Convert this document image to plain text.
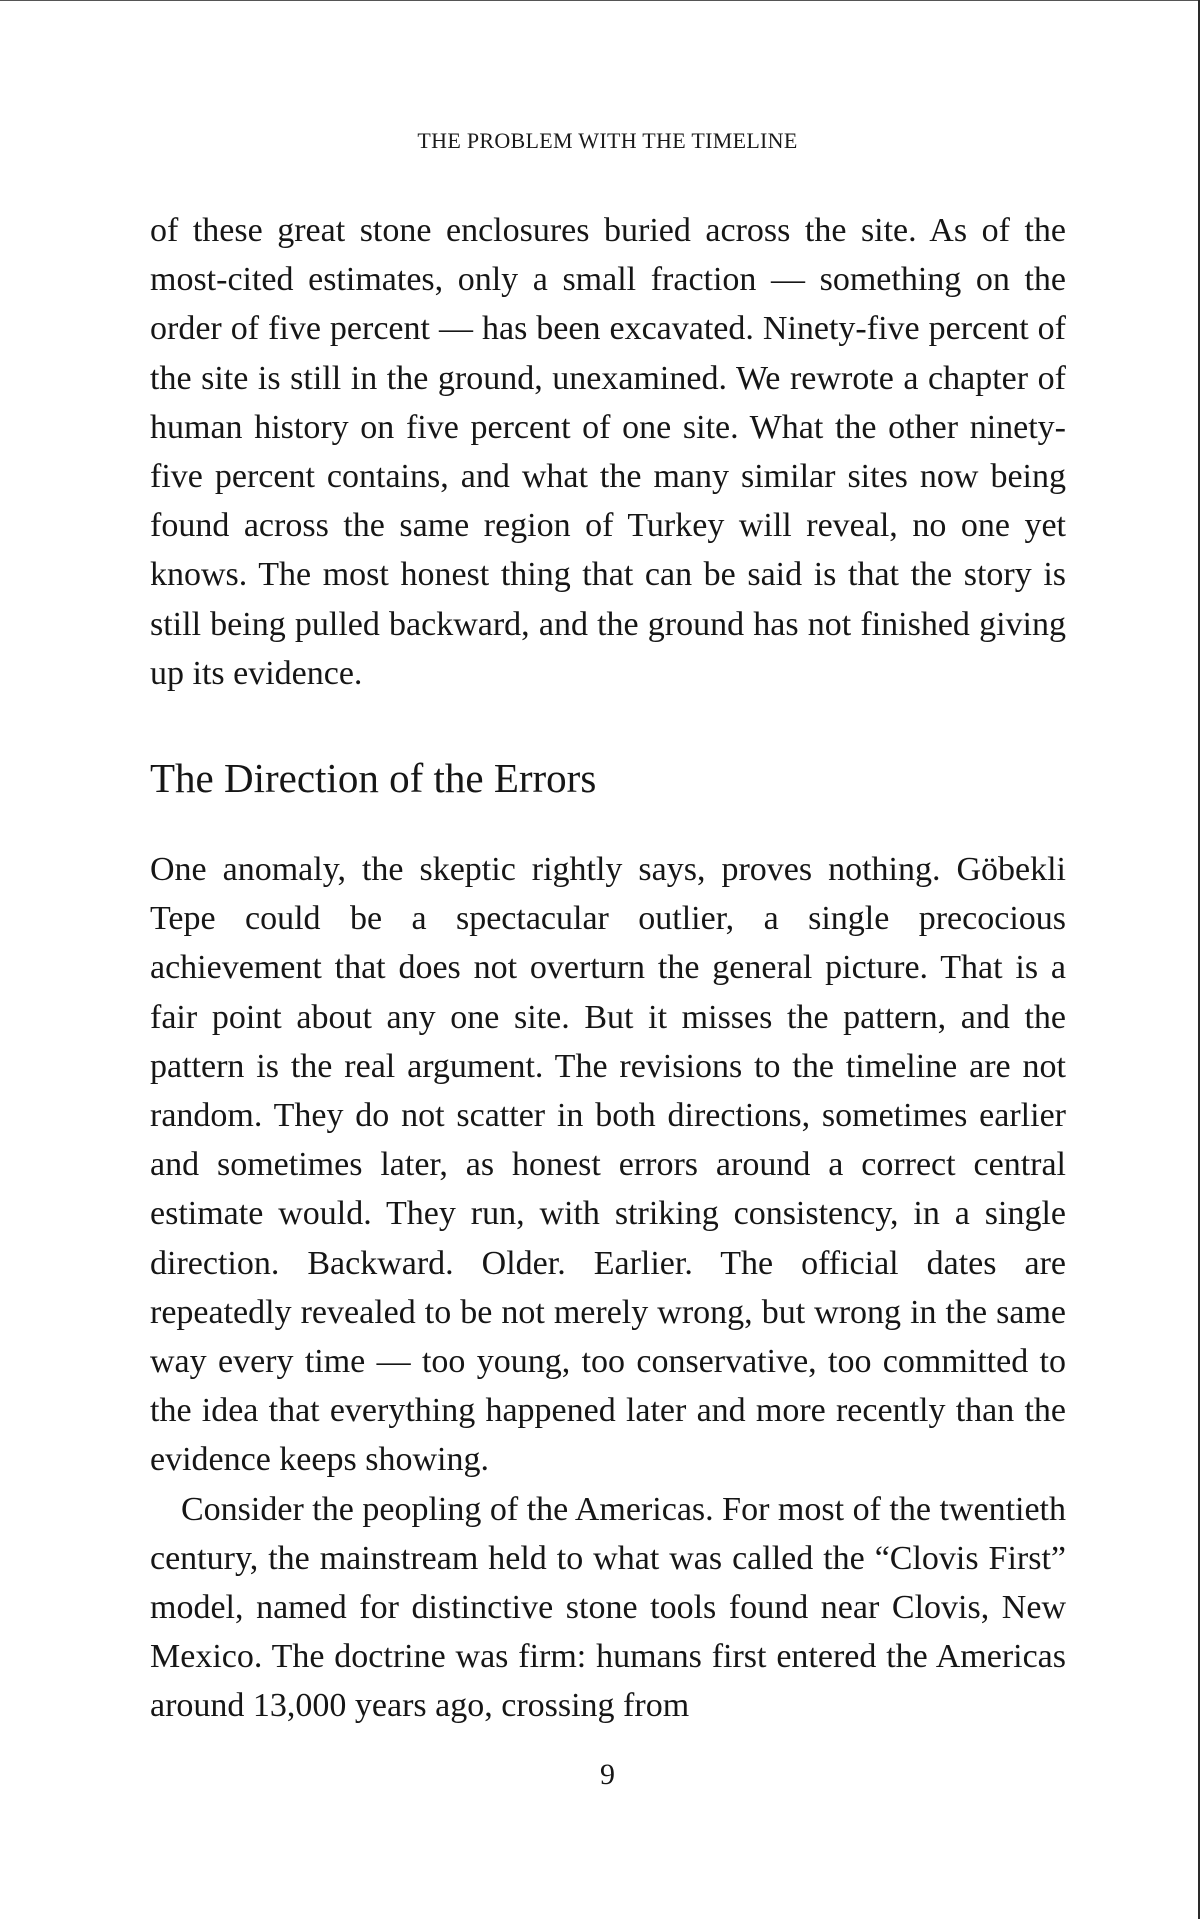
THE PROBLEM WITH THE TIMELINE

of these great stone enclosures buried across the site. As of the most-cited estimates, only a small fraction — something on the order of five percent — has been excavated. Ninety-five percent of the site is still in the ground, unexamined. We rewrote a chapter of human history on five percent of one site. What the other ninety-five percent contains, and what the many similar sites now being found across the same region of Turkey will reveal, no one yet knows. The most honest thing that can be said is that the story is still being pulled backward, and the ground has not finished giving up its evidence.

The Direction of the Errors

One anomaly, the skeptic rightly says, proves nothing. Göbekli Tepe could be a spectacular outlier, a single precocious achievement that does not overturn the general picture. That is a fair point about any one site. But it misses the pattern, and the pattern is the real argument. The revisions to the timeline are not random. They do not scatter in both directions, sometimes earlier and sometimes later, as honest errors around a correct central estimate would. They run, with striking consistency, in a single direction. Backward. Older. Earlier. The official dates are repeatedly revealed to be not merely wrong, but wrong in the same way every time — too young, too conservative, too committed to the idea that everything happened later and more recently than the evidence keeps showing.

Consider the peopling of the Americas. For most of the twentieth century, the mainstream held to what was called the “Clovis First” model, named for distinctive stone tools found near Clovis, New Mexico. The doctrine was firm: humans first entered the Americas around 13,000 years ago, crossing from

9
